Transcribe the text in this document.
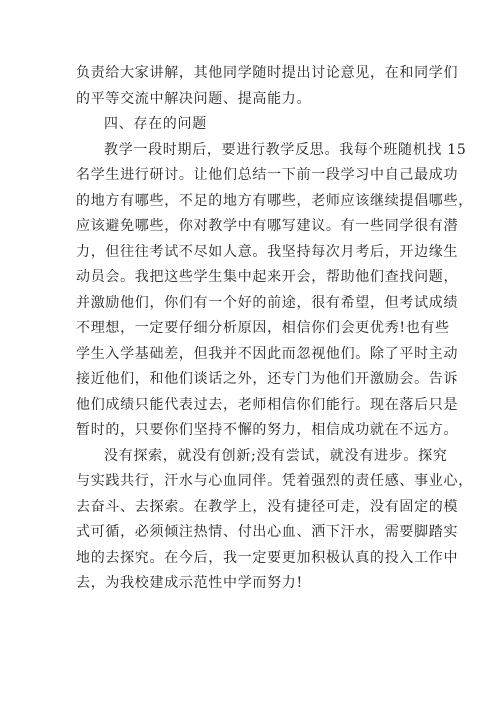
负责给大家讲解，其他同学随时提出讨论意见，在和同学们
的平等交流中解决问题、提高能力。
四、存在的问题
教学一段时期后，要进行教学反思。我每个班随机找 15
名学生进行研讨。让他们总结一下前一段学习中自己最成功
的地方有哪些，不足的地方有哪些，老师应该继续提倡哪些，
应该避免哪些，你对教学中有哪写建议。有一些同学很有潜
力，但往往考试不尽如人意。我坚持每次月考后，开边缘生
动员会。我把这些学生集中起来开会，帮助他们查找问题，
并激励他们，你们有一个好的前途，很有希望，但考试成绩
不理想，一定要仔细分析原因，相信你们会更优秀!也有些
学生入学基础差，但我并不因此而忽视他们。除了平时主动
接近他们，和他们谈话之外，还专门为他们开激励会。告诉
他们成绩只能代表过去，老师相信你们能行。现在落后只是
暂时的，只要你们坚持不懈的努力，相信成功就在不远方。
没有探索，就没有创新;没有尝试，就没有进步。探究
与实践共行，汗水与心血同伴。凭着强烈的责任感、事业心，
去奋斗、去探索。在教学上，没有捷径可走，没有固定的模
式可循，必须倾注热情、付出心血、洒下汗水，需要脚踏实
地的去探究。在今后，我一定要更加积极认真的投入工作中
去，为我校建成示范性中学而努力!
